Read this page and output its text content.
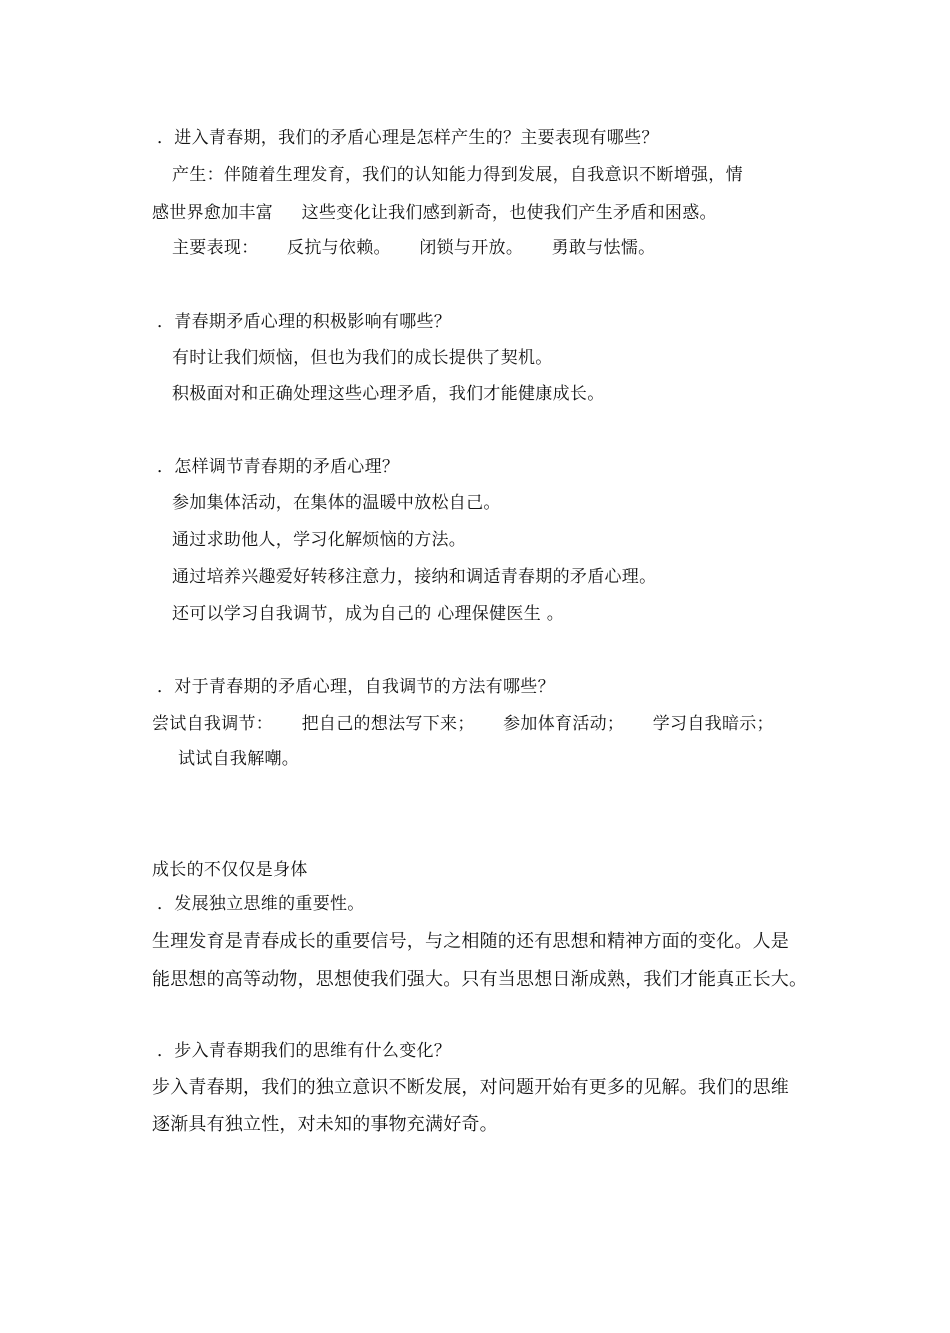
．进入青春期，我们的矛盾心理是怎样产生的？主要表现有哪些？
产生：伴随着生理发育，我们的认知能力得到发展，自我意识不断增强，情
感世界愈加丰富     这些变化让我们感到新奇，也使我们产生矛盾和困惑。
主要表现：     反抗与依赖。     闭锁与开放。     勇敢与怯懦。
．青春期矛盾心理的积极影响有哪些？
有时让我们烦恼，但也为我们的成长提供了契机。
积极面对和正确处理这些心理矛盾，我们才能健康成长。
．怎样调节青春期的矛盾心理？
参加集体活动，在集体的温暖中放松自己。
通过求助他人，学习化解烦恼的方法。
通过培养兴趣爱好转移注意力，接纳和调适青春期的矛盾心理。
还可以学习自我调节，成为自己的 心理保健医生 。
．对于青春期的矛盾心理，自我调节的方法有哪些？
尝试自我调节：     把自己的想法写下来；     参加体育活动；     学习自我暗示；
试试自我解嘲。
成长的不仅仅是身体
．发展独立思维的重要性。
生理发育是青春成长的重要信号，与之相随的还有思想和精神方面的变化。人是
能思想的高等动物，思想使我们强大。只有当思想日渐成熟，我们才能真正长大。
．步入青春期我们的思维有什么变化？
步入青春期，我们的独立意识不断发展，对问题开始有更多的见解。我们的思维
逐渐具有独立性，对未知的事物充满好奇。
